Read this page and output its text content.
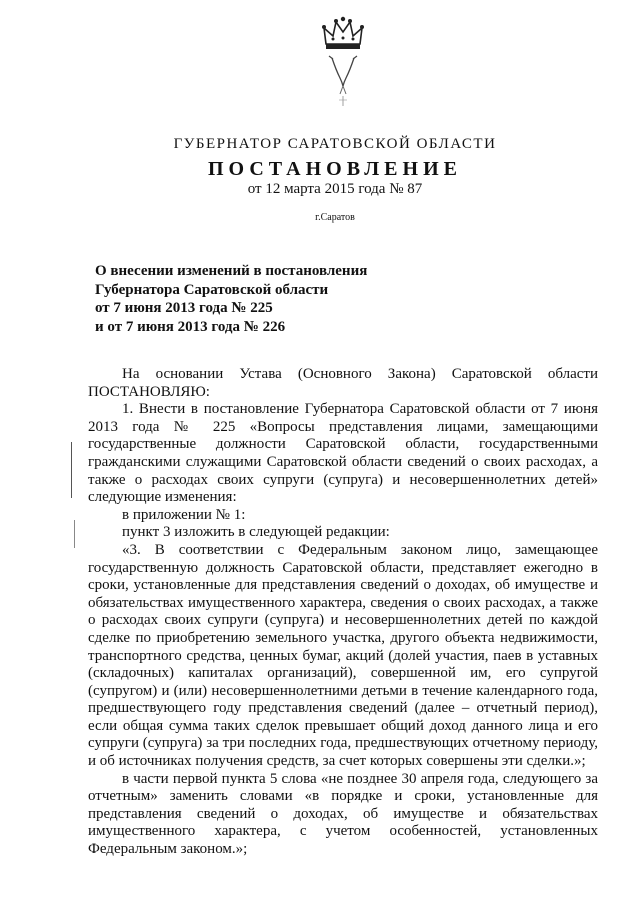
ГУБЕРНАТОР САРАТОВСКОЙ ОБЛАСТИ
ПОСТАНОВЛЕНИЕ
от 12 марта 2015 года № 87
г.Саратов
О внесении изменений в постановления
Губернатора Саратовской области
от 7 июня 2013 года № 225
и от 7 июня 2013 года № 226

На основании Устава (Основного Закона) Саратовской области ПОСТАНОВЛЯЮ:

1. Внести в постановление Губернатора Саратовской области от 7 июня 2013 года № 225 «Вопросы представления лицами, замещающими государственные должности Саратовской области, государственными гражданскими служащими Саратовской области сведений о своих расходах, а также о расходах своих супруги (супруга) и несовершеннолетних детей» следующие изменения:

в приложении № 1:

пункт 3 изложить в следующей редакции:

«3. В соответствии с Федеральным законом лицо, замещающее государственную должность Саратовской области, представляет ежегодно в сроки, установленные для представления сведений о доходах, об имуществе и обязательствах имущественного характера, сведения о своих расходах, а также о расходах своих супруги (супруга) и несовершеннолетних детей по каждой сделке по приобретению земельного участка, другого объекта недвижимости, транспортного средства, ценных бумаг, акций (долей участия, паев в уставных (складочных) капиталах организаций), совершенной им, его супругой (супругом) и (или) несовершеннолетними детьми в течение календарного года, предшествующего году представления сведений (далее – отчетный период), если общая сумма таких сделок превышает общий доход данного лица и его супруги (супруга) за три последних года, предшествующих отчетному периоду, и об источниках получения средств, за счет которых совершены эти сделки.»;

в части первой пункта 5 слова «не позднее 30 апреля года, следующего за отчетным» заменить словами «в порядке и сроки, установленные для представления сведений о доходах, об имуществе и обязательствах имущественного характера, с учетом особенностей, установленных Федеральным законом.»;
